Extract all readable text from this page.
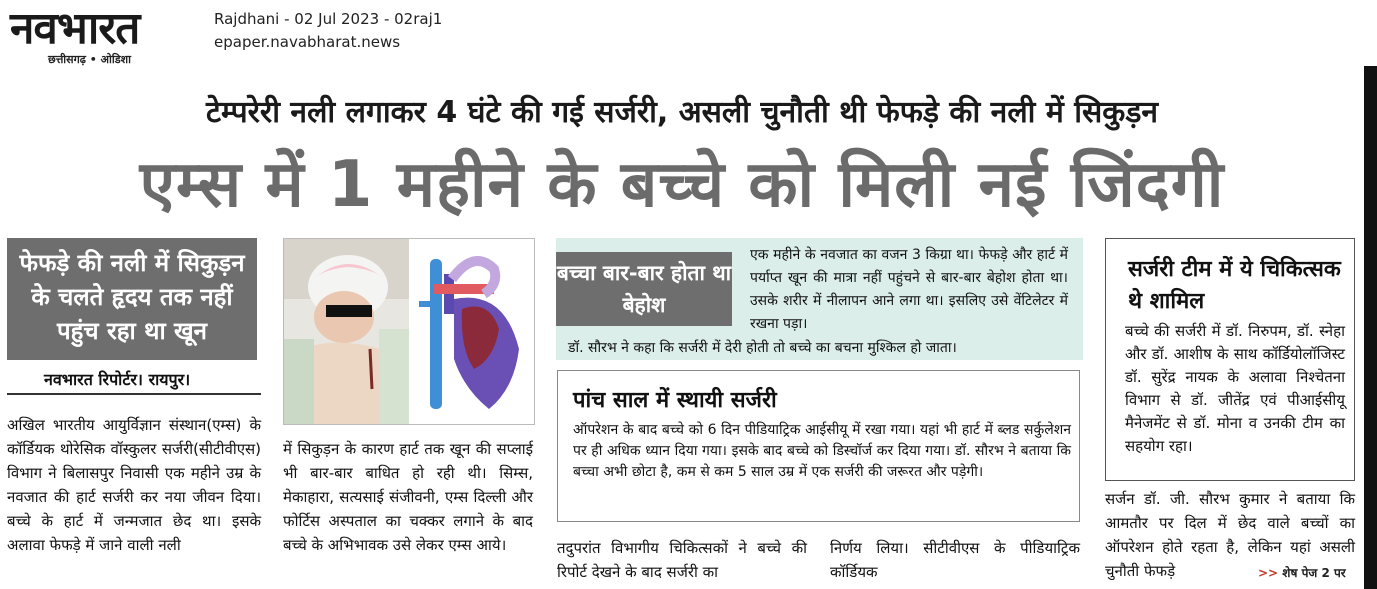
नवभारत
छत्तीसगढ़ • ओडिशा
Rajdhani - 02 Jul 2023 - 02raj1
epaper.navabharat.news
टेम्परेरी नली लगाकर 4 घंटे की गई सर्जरी, असली चुनौती थी फेफड़े की नली में सिकुड़न
एम्स में 1 महीने के बच्चे को मिली नई जिंदगी
फेफड़े की नली में सिकुड़न के चलते हृदय तक नहीं पहुंच रहा था खून
नवभारत रिपोर्टर। रायपुर।
अखिल भारतीय आयुर्विज्ञान संस्थान(एम्स) के कॉर्डियक थोरेसिक वॉस्कुलर सर्जरी(सीटीवीएस) विभाग ने बिलासपुर निवासी एक महीने उम्र के नवजात की हार्ट सर्जरी कर नया जीवन दिया। बच्चे के हार्ट में जन्मजात छेद था। इसके अलावा फेफड़े में जाने वाली नली
में सिकुड़न के कारण हार्ट तक खून की सप्लाई भी बार-बार बाधित हो रही थी। सिम्स, मेकाहारा, सत्यसाई संजीवनी, एम्स दिल्ली और फोर्टिस अस्पताल का चक्कर लगाने के बाद बच्चे के अभिभावक उसे लेकर एम्स आये।
बच्चा बार-बार होता था बेहोश
एक महीने के नवजात का वजन 3 किग्रा था। फेफड़े और हार्ट में पर्याप्त खून की मात्रा नहीं पहुंचने से बार-बार बेहोश होता था। उसके शरीर में नीलापन आने लगा था। इसलिए उसे वेंटिलेटर में रखना पड़ा।
डॉ. सौरभ ने कहा कि सर्जरी में देरी होती तो बच्चे का बचना मुश्किल हो जाता।
पांच साल में स्थायी सर्जरी
ऑपरेशन के बाद बच्चे को 6 दिन पीडियाट्रिक आईसीयू में रखा गया। यहां भी हार्ट में ब्लड सर्कुलेशन पर ही अधिक ध्यान दिया गया। इसके बाद बच्चे को डिस्चॉर्ज कर दिया गया। डॉ. सौरभ ने बताया कि बच्चा अभी छोटा है, कम से कम 5 साल उम्र में एक सर्जरी की जरूरत और पड़ेगी।
तदुपरांत विभागीय चिकित्सकों ने बच्चे की रिपोर्ट देखने के बाद सर्जरी का
निर्णय लिया। सीटीवीएस के पीडियाट्रिक कॉर्डियक
सर्जरी टीम में ये चिकित्सक थे शामिल
बच्चे की सर्जरी में डॉ. निरुपम, डॉ. स्नेहा और डॉ. आशीष के साथ कॉर्डियोलॉजिस्ट डॉ. सुरेंद्र नायक के अलावा निश्चेतना विभाग से डॉ. जीतेंद्र एवं पीआईसीयू मैनेजमेंट से डॉ. मोना व उनकी टीम का सहयोग रहा।
सर्जन डॉ. जी. सौरभ कुमार ने बताया कि आमतौर पर दिल में छेद वाले बच्चों का ऑपरेशन होते रहता है, लेकिन यहां असली चुनौती फेफड़े	>> शेष पेज 2 पर
